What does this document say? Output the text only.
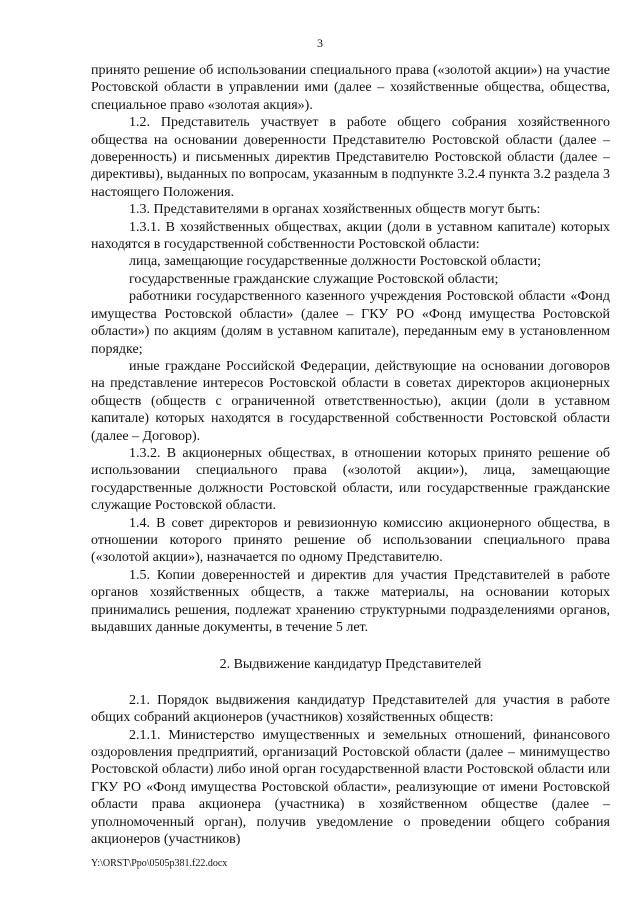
3

принято решение об использовании специального права («золотой акции») на участие Ростовской области в управлении ими (далее – хозяйственные общества, общества, специальное право «золотая акция»).

1.2. Представитель участвует в работе общего собрания хозяйственного общества на основании доверенности Представителю Ростовской области (далее – доверенность) и письменных директив Представителю Ростовской области (далее – директивы), выданных по вопросам, указанным в подпункте 3.2.4 пункта 3.2 раздела 3 настоящего Положения.

1.3. Представителями в органах хозяйственных обществ могут быть:

1.3.1. В хозяйственных обществах, акции (доли в уставном капитале) которых находятся в государственной собственности Ростовской области:

лица, замещающие государственные должности Ростовской области;

государственные гражданские служащие Ростовской области;

работники государственного казенного учреждения Ростовской области «Фонд имущества Ростовской области» (далее – ГКУ РО «Фонд имущества Ростовской области») по акциям (долям в уставном капитале), переданным ему в установленном порядке;

иные граждане Российской Федерации, действующие на основании договоров на представление интересов Ростовской области в советах директоров акционерных обществ (обществ с ограниченной ответственностью), акции (доли в уставном капитале) которых находятся в государственной собственности Ростовской области (далее – Договор).

1.3.2. В акционерных обществах, в отношении которых принято решение об использовании специального права («золотой акции»), лица, замещающие государственные должности Ростовской области, или государственные гражданские служащие Ростовской области.

1.4. В совет директоров и ревизионную комиссию акционерного общества, в отношении которого принято решение об использовании специального права («золотой акции»), назначается по одному Представителю.

1.5. Копии доверенностей и директив для участия Представителей в работе органов хозяйственных обществ, а также материалы, на основании которых принимались решения, подлежат хранению структурными подразделениями органов, выдавших данные документы, в течение 5 лет.

2. Выдвижение кандидатур Представителей

2.1. Порядок выдвижения кандидатур Представителей для участия в работе общих собраний акционеров (участников) хозяйственных обществ:

2.1.1. Министерство имущественных и земельных отношений, финансового оздоровления предприятий, организаций Ростовской области (далее – минимущество Ростовской области) либо иной орган государственной власти Ростовской области или ГКУ РО «Фонд имущества Ростовской области», реализующие от имени Ростовской области права акционера (участника) в хозяйственном обществе (далее – уполномоченный орган), получив уведомление о проведении общего собрания акционеров (участников)

Y:\ORST\Ppo\0505p381.f22.docx
